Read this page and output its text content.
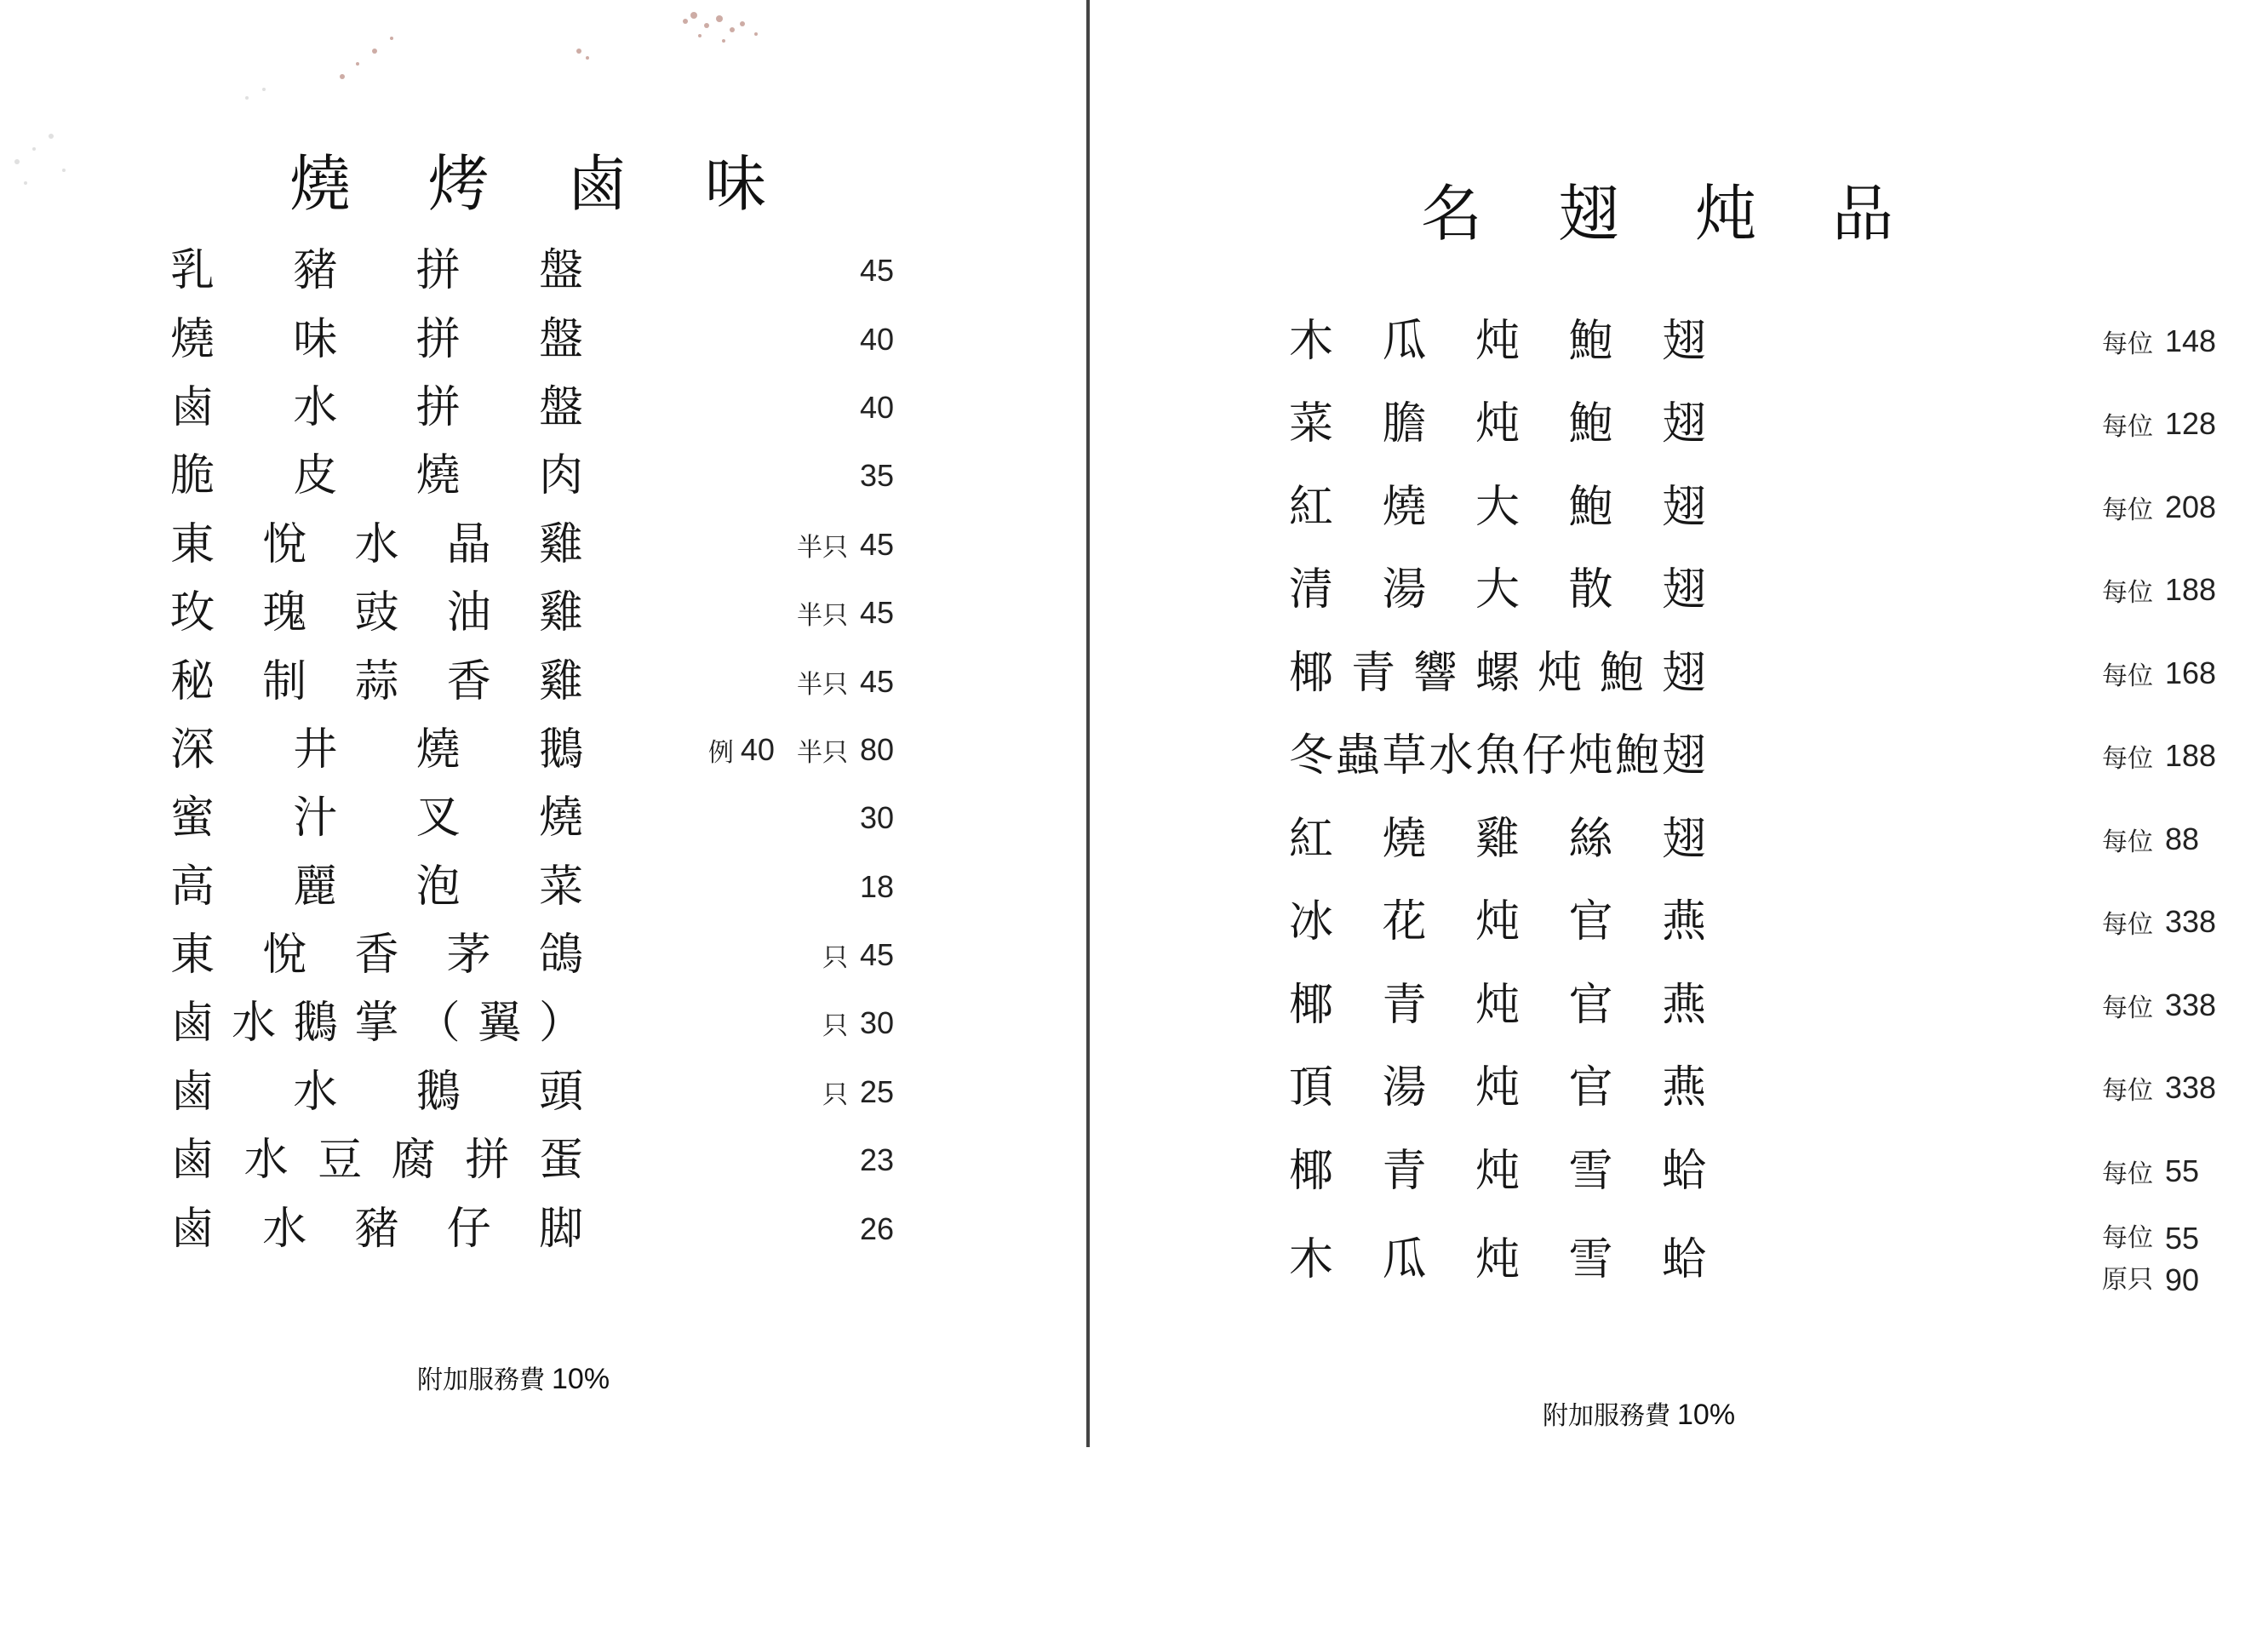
燒 烤 鹵 味
乳 豬 拼 盤	45
燒 味 拼 盤	40
鹵 水 拼 盤	40
脆 皮 燒 肉	35
東 悅 水 晶 雞	半只 45
玫 瑰 豉 油 雞	半只 45
秘 制 蒜 香 雞	半只 45
深 井 燒 鵝	例 40 半只 80
蜜 汁 叉 燒	30
高 麗 泡 菜	18
東 悅 香 茅 鴿	只 45
鹵 水 鵝 掌 （ 翼 ）	只 30
鹵 水 鵝 頭	只 25
鹵 水 豆 腐 拼 蛋	23
鹵 水 豬 仔 脚	26
附加服務費 10%
名 翅 炖 品
木 瓜 炖 鮑 翅	每位 148
菜 膽 炖 鮑 翅	每位 128
紅 燒 大 鮑 翅	每位 208
清 湯 大 散 翅	每位 188
椰 青 響 螺 炖 鮑 翅	每位 168
冬 蟲 草 水 魚 仔 炖 鮑 翅	每位 188
紅 燒 雞 絲 翅	每位 88
冰 花 炖 官 燕	每位 338
椰 青 炖 官 燕	每位 338
頂 湯 炖 官 燕	每位 338
椰 青 炖 雪 蛤	每位 55
木 瓜 炖 雪 蛤	每位 55
原只 90
附加服務費 10%
